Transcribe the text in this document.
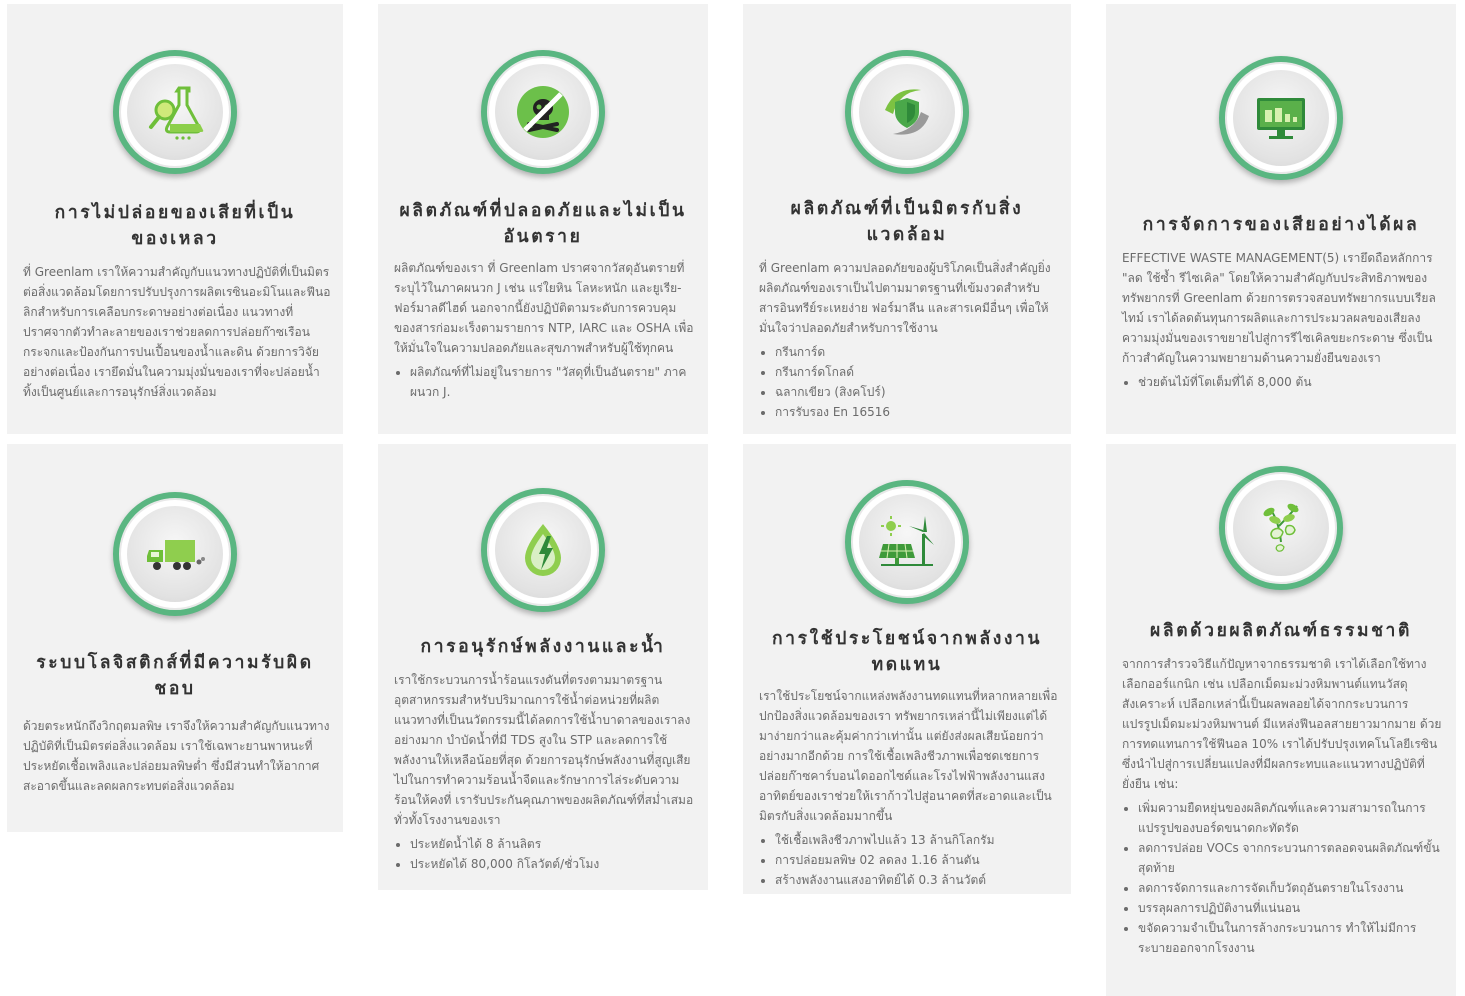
การไม่ปล่อยของเสียที่เป็นของเหลว

ที่ Greenlam เราให้ความสำคัญกับแนวทางปฏิบัติที่เป็นมิตรต่อสิ่งแวดล้อมโดยการปรับปรุงการผลิตเรซินอะมิโนและฟีนอลิกสำหรับการเคลือบกระดาษอย่างต่อเนื่อง แนวทางที่ปราศจากตัวทำละลายของเราช่วยลดการปล่อยก๊าซเรือนกระจกและป้องกันการปนเปื้อนของน้ำและดิน ด้วยการวิจัยอย่างต่อเนื่อง เรายึดมั่นในความมุ่งมั่นของเราที่จะปล่อยน้ำทิ้งเป็นศูนย์และการอนุรักษ์สิ่งแวดล้อม

ผลิตภัณฑ์ที่ปลอดภัยและไม่เป็นอันตราย

ผลิตภัณฑ์ของเรา ที่ Greenlam ปราศจากวัสดุอันตรายที่ระบุไว้ในภาคผนวก J เช่น แร่ใยหิน โลหะหนัก และยูเรีย-ฟอร์มาลดีไฮด์ นอกจากนี้ยังปฏิบัติตามระดับการควบคุมของสารก่อมะเร็งตามรายการ NTP, IARC และ OSHA เพื่อให้มั่นใจในความปลอดภัยและสุขภาพสำหรับผู้ใช้ทุกคน

• ผลิตภัณฑ์ที่ไม่อยู่ในรายการ "วัสดุที่เป็นอันตราย" ภาคผนวก J.
ผลิตภัณฑ์ที่เป็นมิตรกับสิ่งแวดล้อม

ที่ Greenlam ความปลอดภัยของผู้บริโภคเป็นสิ่งสำคัญยิ่ง ผลิตภัณฑ์ของเราเป็นไปตามมาตรฐานที่เข้มงวดสำหรับสารอินทรีย์ระเหยง่าย ฟอร์มาลีน และสารเคมีอื่นๆ เพื่อให้มั่นใจว่าปลอดภัยสำหรับการใช้งาน

• กรีนการ์ด
• กรีนการ์ดโกลด์
• ฉลากเขียว (สิงคโปร์)
• การรับรอง En 16516
การจัดการของเสียอย่างได้ผล

EFFECTIVE WASTE MANAGEMENT(5) เรายึดถือหลักการ "ลด ใช้ซ้ำ รีไซเคิล" โดยให้ความสำคัญกับประสิทธิภาพของทรัพยากรที่ Greenlam ด้วยการตรวจสอบทรัพยากรแบบเรียลไทม์ เราได้ลดต้นทุนการผลิตและการประมวลผลของเสียลง ความมุ่งมั่นของเราขยายไปสู่การรีไซเคิลขยะกระดาษ ซึ่งเป็นก้าวสำคัญในความพยายามด้านความยั่งยืนของเรา

• ช่วยต้นไม้ที่โตเต็มที่ได้ 8,000 ต้น
ระบบโลจิสติกส์ที่มีความรับผิดชอบ

ด้วยตระหนักถึงวิกฤตมลพิษ เราจึงให้ความสำคัญกับแนวทางปฏิบัติที่เป็นมิตรต่อสิ่งแวดล้อม เราใช้เฉพาะยานพาหนะที่ประหยัดเชื้อเพลิงและปล่อยมลพิษต่ำ ซึ่งมีส่วนทำให้อากาศสะอาดขึ้นและลดผลกระทบต่อสิ่งแวดล้อม

การอนุรักษ์พลังงานและน้ำ

เราใช้กระบวนการน้ำร้อนแรงดันที่ตรงตามมาตรฐานอุตสาหกรรมสำหรับปริมาณการใช้น้ำต่อหน่วยที่ผลิต แนวทางที่เป็นนวัตกรรมนี้ได้ลดการใช้น้ำบาดาลของเราลงอย่างมาก บำบัดน้ำที่มี TDS สูงใน STP และลดการใช้พลังงานให้เหลือน้อยที่สุด ด้วยการอนุรักษ์พลังงานที่สูญเสียไปในการทำความร้อนน้ำจืดและรักษาการไล่ระดับความร้อนให้คงที่ เรารับประกันคุณภาพของผลิตภัณฑ์ที่สม่ำเสมอทั่วทั้งโรงงานของเรา

• ประหยัดน้ำได้ 8 ล้านลิตร
• ประหยัดได้ 80,000 กิโลวัตต์/ชั่วโมง
การใช้ประโยชน์จากพลังงานทดแทน

เราใช้ประโยชน์จากแหล่งพลังงานทดแทนที่หลากหลายเพื่อปกป้องสิ่งแวดล้อมของเรา ทรัพยากรเหล่านี้ไม่เพียงแต่ได้มาง่ายกว่าและคุ้มค่ากว่าเท่านั้น แต่ยังส่งผลเสียน้อยกว่าอย่างมากอีกด้วย การใช้เชื้อเพลิงชีวภาพเพื่อชดเชยการปล่อยก๊าซคาร์บอนไดออกไซด์และโรงไฟฟ้าพลังงานแสงอาทิตย์ของเราช่วยให้เราก้าวไปสู่อนาคตที่สะอาดและเป็นมิตรกับสิ่งแวดล้อมมากขึ้น

• ใช้เชื้อเพลิงชีวภาพไปแล้ว 13 ล้านกิโลกรัม
• การปล่อยมลพิษ 02 ลดลง 1.16 ล้านตัน
• สร้างพลังงานแสงอาทิตย์ได้ 0.3 ล้านวัตต์
ผลิตด้วยผลิตภัณฑ์ธรรมชาติ

จากการสำรวจวิธีแก้ปัญหาจากธรรมชาติ เราได้เลือกใช้ทางเลือกออร์แกนิก เช่น เปลือกเม็ดมะม่วงหิมพานต์แทนวัสดุสังเคราะห์ เปลือกเหล่านี้เป็นผลพลอยได้จากกระบวนการแปรรูปเม็ดมะม่วงหิมพานต์ มีแหล่งฟีนอลสายยาวมากมาย ด้วยการทดแทนการใช้ฟีนอล 10% เราได้ปรับปรุงเทคโนโลยีเรซิน ซึ่งนำไปสู่การเปลี่ยนแปลงที่มีผลกระทบและแนวทางปฏิบัติที่ยั่งยืน เช่น:

• เพิ่มความยืดหยุ่นของผลิตภัณฑ์และความสามารถในการแปรรูปของบอร์ดขนาดกะทัดรัด
• ลดการปล่อย VOCs จากกระบวนการตลอดจนผลิตภัณฑ์ขั้นสุดท้าย
• ลดการจัดการและการจัดเก็บวัตถุอันตรายในโรงงาน
• บรรลุผลการปฏิบัติงานที่แน่นอน
• ขจัดความจำเป็นในการล้างกระบวนการ ทำให้ไม่มีการระบายออกจากโรงงาน
